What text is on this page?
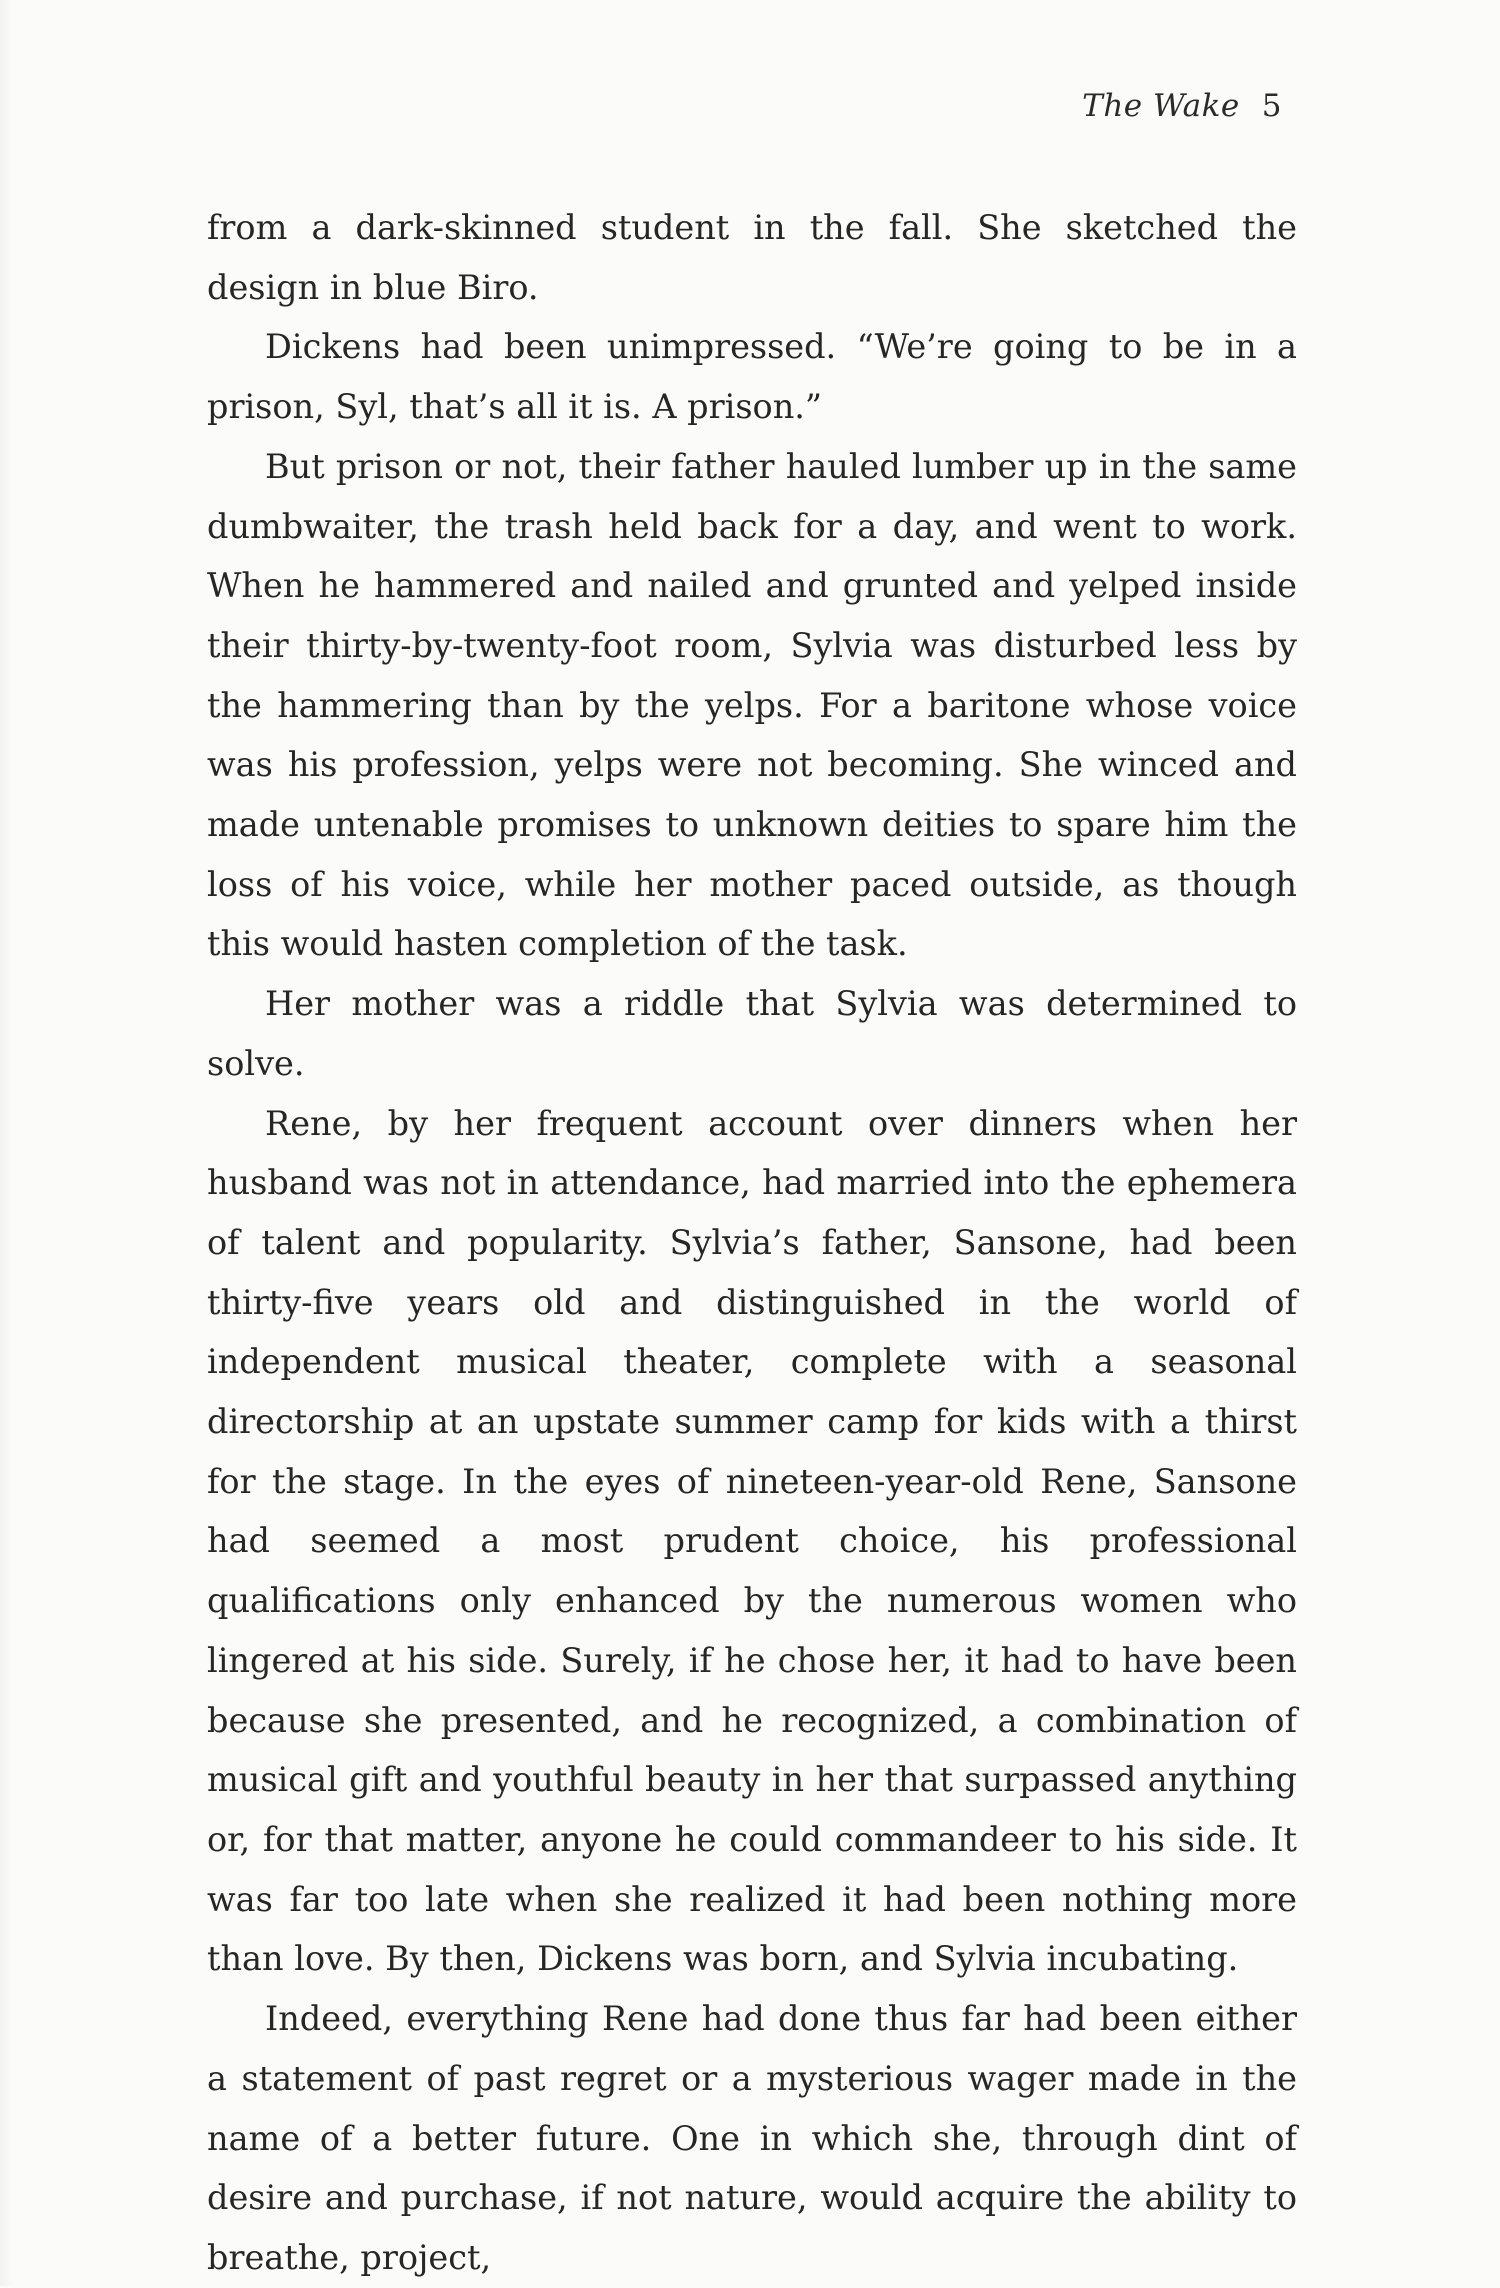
The Wake 5

from a dark-skinned student in the fall. She sketched the design in blue Biro.

Dickens had been unimpressed. “We’re going to be in a prison, Syl, that’s all it is. A prison.”

But prison or not, their father hauled lumber up in the same dumbwaiter, the trash held back for a day, and went to work. When he hammered and nailed and grunted and yelped inside their thirty-by-twenty-foot room, Sylvia was disturbed less by the hammering than by the yelps. For a baritone whose voice was his profession, yelps were not becoming. She winced and made untenable promises to unknown deities to spare him the loss of his voice, while her mother paced outside, as though this would hasten completion of the task.

Her mother was a riddle that Sylvia was determined to solve.

Rene, by her frequent account over dinners when her husband was not in attendance, had married into the ephemera of talent and popularity. Sylvia’s father, Sansone, had been thirty-five years old and distinguished in the world of independent musical theater, complete with a seasonal directorship at an upstate summer camp for kids with a thirst for the stage. In the eyes of nineteen-year-old Rene, Sansone had seemed a most prudent choice, his professional qualifications only enhanced by the numerous women who lingered at his side. Surely, if he chose her, it had to have been because she presented, and he recognized, a combination of musical gift and youthful beauty in her that surpassed anything or, for that matter, anyone he could commandeer to his side. It was far too late when she realized it had been nothing more than love. By then, Dickens was born, and Sylvia incubating.

Indeed, everything Rene had done thus far had been either a statement of past regret or a mysterious wager made in the name of a better future. One in which she, through dint of desire and purchase, if not nature, would acquire the ability to breathe, project,
